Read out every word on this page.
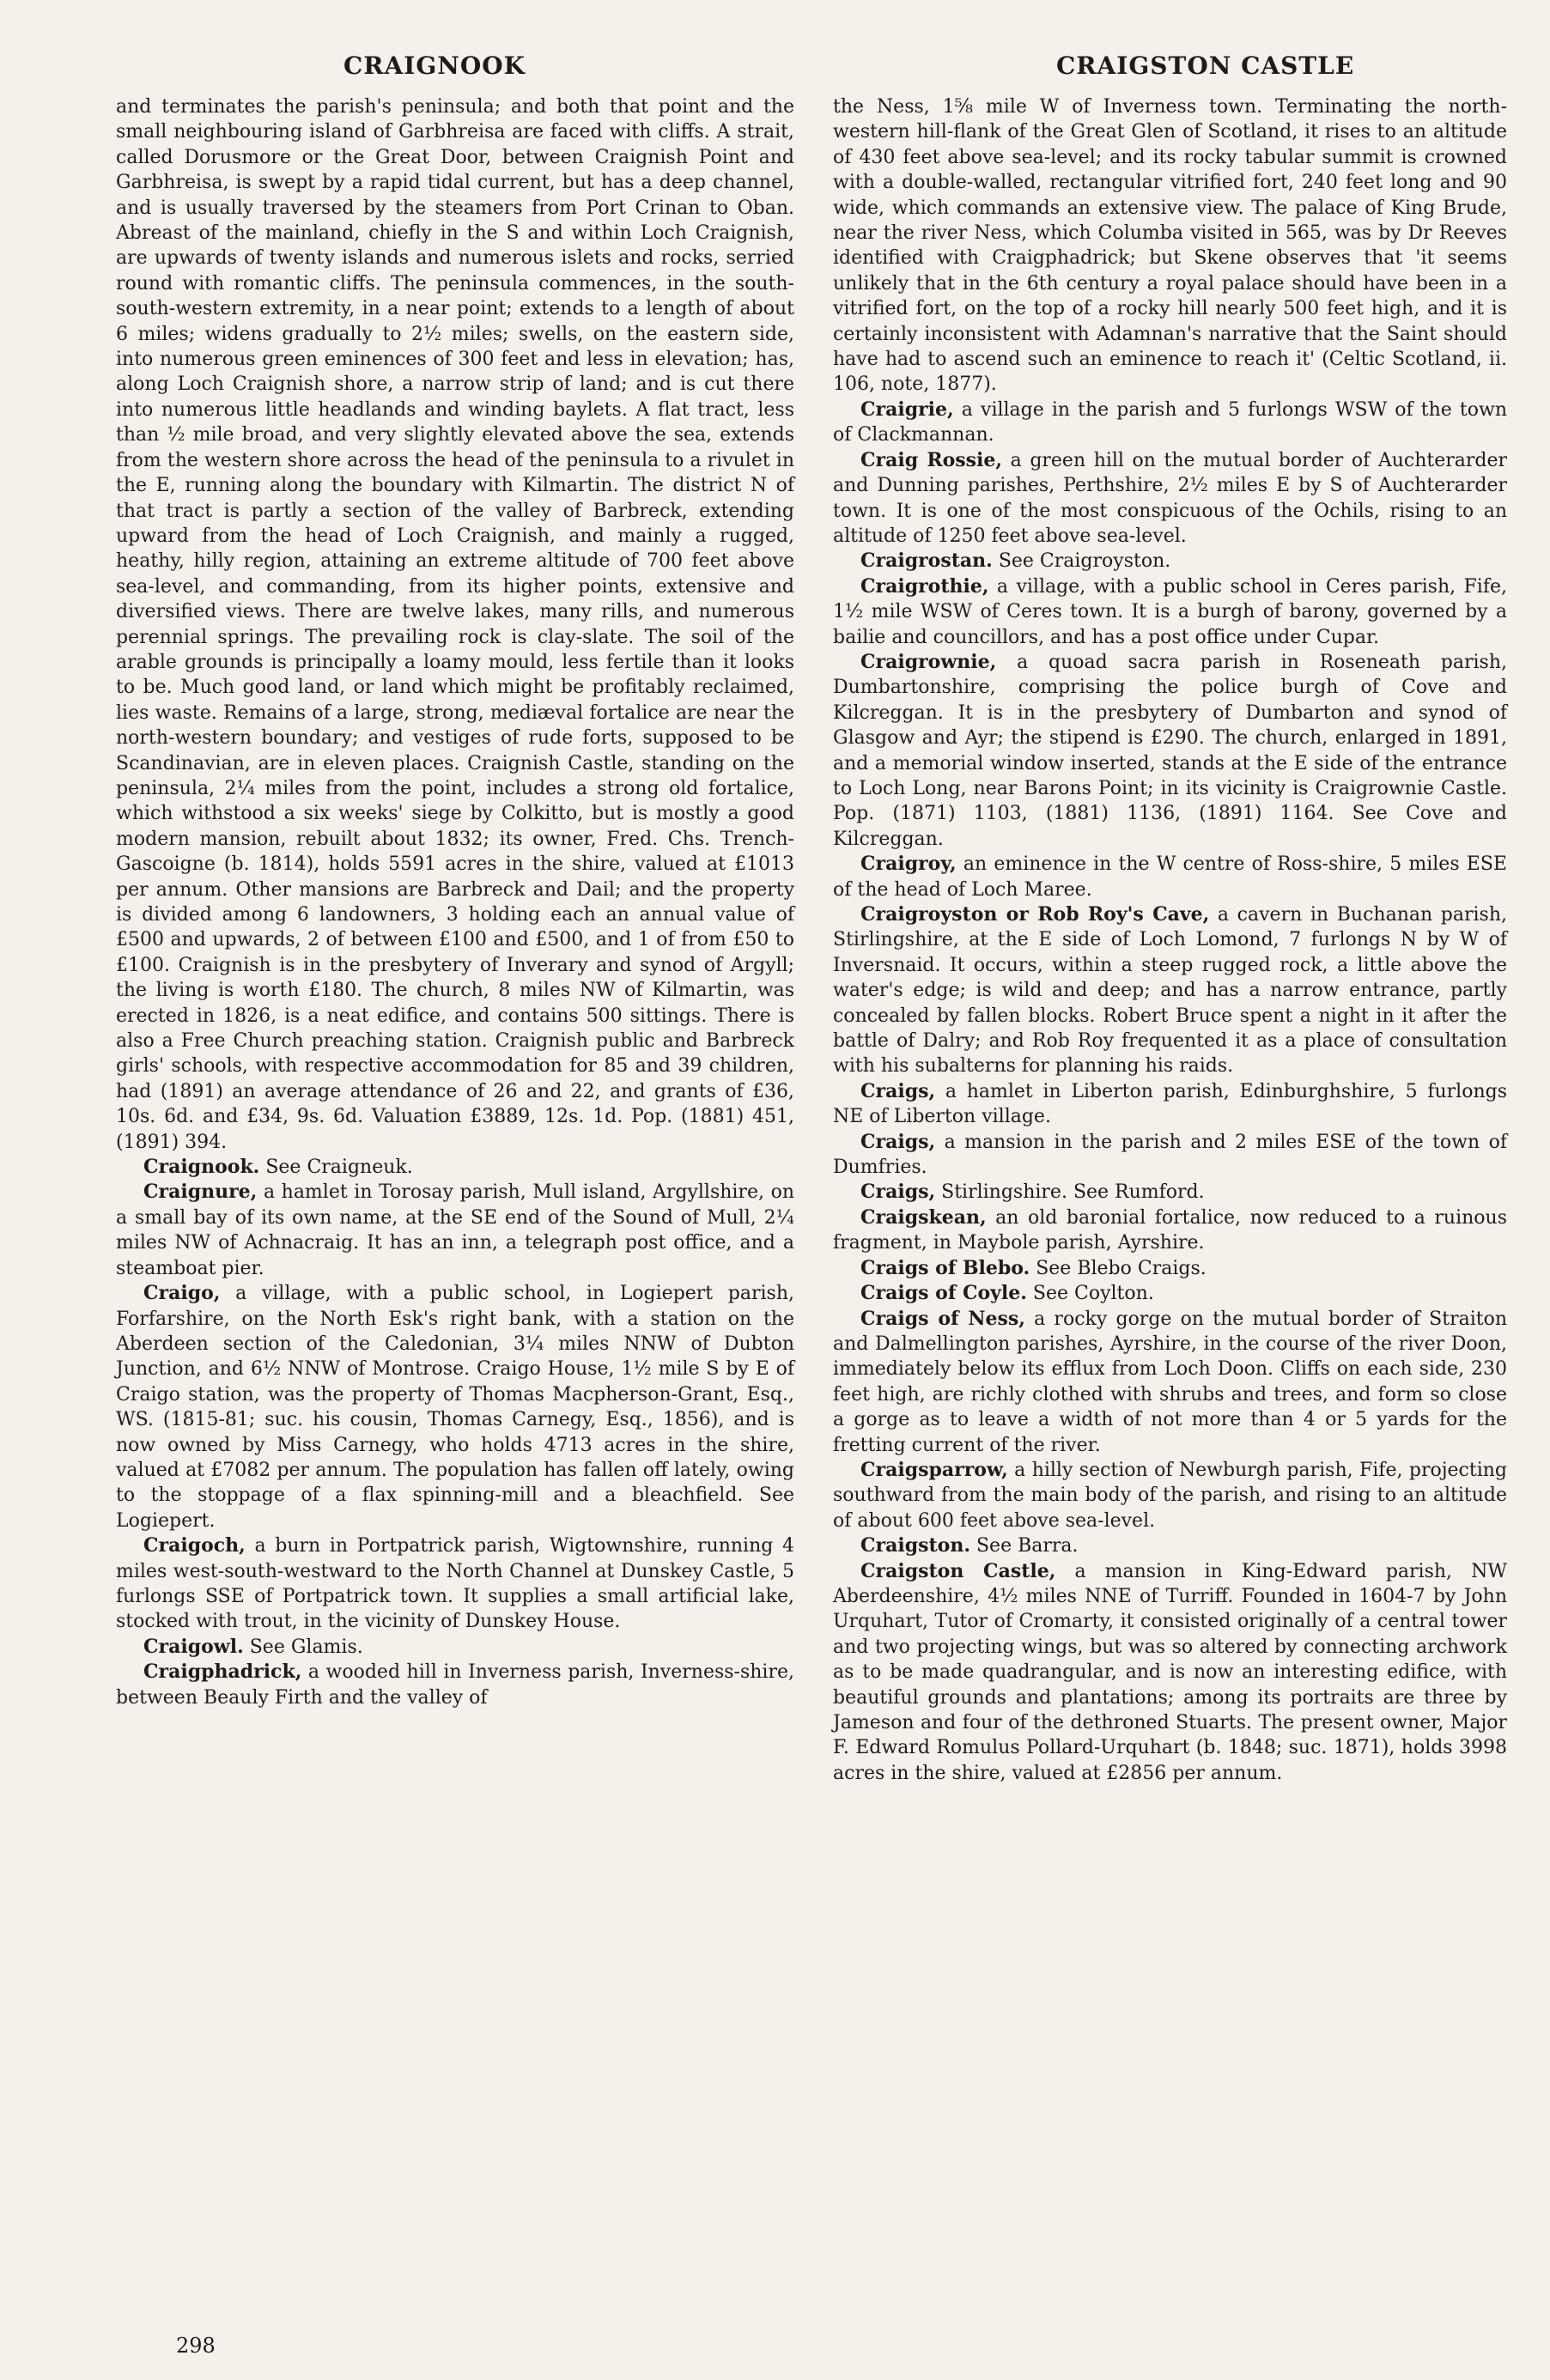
CRAIGNOOK	CRAIGSTON CASTLE

and terminates the parish's peninsula; and both that point and the small neighbouring island of Garbhreisa are faced with cliffs. A strait, called Dorusmore or the Great Door, between Craignish Point and Garbhreisa, is swept by a rapid tidal current, but has a deep channel, and is usually traversed by the steamers from Port Crinan to Oban. Abreast of the mainland, chiefly in the S and within Loch Craignish, are upwards of twenty islands and numerous islets and rocks, serried round with romantic cliffs. The peninsula commences, in the south-south-western extremity, in a near point; extends to a length of about 6 miles; widens gradually to 2½ miles; swells, on the eastern side, into numerous green eminences of 300 feet and less in elevation; has, along Loch Craignish shore, a narrow strip of land; and is cut there into numerous little headlands and winding baylets. A flat tract, less than ½ mile broad, and very slightly elevated above the sea, extends from the western shore across the head of the peninsula to a rivulet in the E, running along the boundary with Kilmartin. The district N of that tract is partly a section of the valley of Barbreck, extending upward from the head of Loch Craignish, and mainly a rugged, heathy, hilly region, attaining an extreme altitude of 700 feet above sea-level, and commanding, from its higher points, extensive and diversified views. There are twelve lakes, many rills, and numerous perennial springs. The prevailing rock is clay-slate. The soil of the arable grounds is principally a loamy mould, less fertile than it looks to be. Much good land, or land which might be profitably reclaimed, lies waste. Remains of a large, strong, mediæval fortalice are near the north-western boundary; and vestiges of rude forts, supposed to be Scandinavian, are in eleven places. Craignish Castle, standing on the peninsula, 2¼ miles from the point, includes a strong old fortalice, which withstood a six weeks' siege by Colkitto, but is mostly a good modern mansion, rebuilt about 1832; its owner, Fred. Chs. Trench-Gascoigne (b. 1814), holds 5591 acres in the shire, valued at £1013 per annum. Other mansions are Barbreck and Dail; and the property is divided among 6 landowners, 3 holding each an annual value of £500 and upwards, 2 of between £100 and £500, and 1 of from £50 to £100. Craignish is in the presbytery of Inverary and synod of Argyll; the living is worth £180. The church, 8 miles NW of Kilmartin, was erected in 1826, is a neat edifice, and contains 500 sittings. There is also a Free Church preaching station. Craignish public and Barbreck girls' schools, with respective accommodation for 85 and 39 children, had (1891) an average attendance of 26 and 22, and grants of £36, 10s. 6d. and £34, 9s. 6d. Valuation £3889, 12s. 1d. Pop. (1881) 451, (1891) 394.

Craignook. See Craigneuk.

Craignure, a hamlet in Torosay parish, Mull island, Argyllshire, on a small bay of its own name, at the SE end of the Sound of Mull, 2¼ miles NW of Achnacraig. It has an inn, a telegraph post office, and a steamboat pier.

Craigo, a village, with a public school, in Logiepert parish, Forfarshire, on the North Esk's right bank, with a station on the Aberdeen section of the Caledonian, 3¼ miles NNW of Dubton Junction, and 6½ NNW of Montrose. Craigo House, 1½ mile S by E of Craigo station, was the property of Thomas Macpherson-Grant, Esq., WS. (1815-81; suc. his cousin, Thomas Carnegy, Esq., 1856), and is now owned by Miss Carnegy, who holds 4713 acres in the shire, valued at £7082 per annum. The population has fallen off lately, owing to the stoppage of a flax spinning-mill and a bleachfield. See Logiepert.

Craigoch, a burn in Portpatrick parish, Wigtownshire, running 4 miles west-south-westward to the North Channel at Dunskey Castle, 5 furlongs SSE of Portpatrick town. It supplies a small artificial lake, stocked with trout, in the vicinity of Dunskey House.

Craigowl. See Glamis.

Craigphadrick, a wooded hill in Inverness parish, Inverness-shire, between Beauly Firth and the valley of

the Ness, 1⅝ mile W of Inverness town. Terminating the north-western hill-flank of the Great Glen of Scotland, it rises to an altitude of 430 feet above sea-level; and its rocky tabular summit is crowned with a double-walled, rectangular vitrified fort, 240 feet long and 90 wide, which commands an extensive view. The palace of King Brude, near the river Ness, which Columba visited in 565, was by Dr Reeves identified with Craigphadrick; but Skene observes that 'it seems unlikely that in the 6th century a royal palace should have been in a vitrified fort, on the top of a rocky hill nearly 500 feet high, and it is certainly inconsistent with Adamnan's narrative that the Saint should have had to ascend such an eminence to reach it' (Celtic Scotland, ii. 106, note, 1877).

Craigrie, a village in the parish and 5 furlongs WSW of the town of Clackmannan.

Craig Rossie, a green hill on the mutual border of Auchterarder and Dunning parishes, Perthshire, 2½ miles E by S of Auchterarder town. It is one of the most conspicuous of the Ochils, rising to an altitude of 1250 feet above sea-level.

Craigrostan. See Craigroyston.

Craigrothie, a village, with a public school in Ceres parish, Fife, 1½ mile WSW of Ceres town. It is a burgh of barony, governed by a bailie and councillors, and has a post office under Cupar.

Craigrownie, a quoad sacra parish in Roseneath parish, Dumbartonshire, comprising the police burgh of Cove and Kilcreggan. It is in the presbytery of Dumbarton and synod of Glasgow and Ayr; the stipend is £290. The church, enlarged in 1891, and a memorial window inserted, stands at the E side of the entrance to Loch Long, near Barons Point; in its vicinity is Craigrownie Castle. Pop. (1871) 1103, (1881) 1136, (1891) 1164. See Cove and Kilcreggan.

Craigroy, an eminence in the W centre of Ross-shire, 5 miles ESE of the head of Loch Maree.

Craigroyston or Rob Roy's Cave, a cavern in Buchanan parish, Stirlingshire, at the E side of Loch Lomond, 7 furlongs N by W of Inversnaid. It occurs, within a steep rugged rock, a little above the water's edge; is wild and deep; and has a narrow entrance, partly concealed by fallen blocks. Robert Bruce spent a night in it after the battle of Dalry; and Rob Roy frequented it as a place of consultation with his subalterns for planning his raids.

Craigs, a hamlet in Liberton parish, Edinburghshire, 5 furlongs NE of Liberton village.

Craigs, a mansion in the parish and 2 miles ESE of the town of Dumfries.

Craigs, Stirlingshire. See Rumford.

Craigskean, an old baronial fortalice, now reduced to a ruinous fragment, in Maybole parish, Ayrshire.

Craigs of Blebo. See Blebo Craigs.

Craigs of Coyle. See Coylton.

Craigs of Ness, a rocky gorge on the mutual border of Straiton and Dalmellington parishes, Ayrshire, in the course of the river Doon, immediately below its efflux from Loch Doon. Cliffs on each side, 230 feet high, are richly clothed with shrubs and trees, and form so close a gorge as to leave a width of not more than 4 or 5 yards for the fretting current of the river.

Craigsparrow, a hilly section of Newburgh parish, Fife, projecting southward from the main body of the parish, and rising to an altitude of about 600 feet above sea-level.

Craigston. See Barra.

Craigston Castle, a mansion in King-Edward parish, NW Aberdeenshire, 4½ miles NNE of Turriff. Founded in 1604-7 by John Urquhart, Tutor of Cromarty, it consisted originally of a central tower and two projecting wings, but was so altered by connecting archwork as to be made quadrangular, and is now an interesting edifice, with beautiful grounds and plantations; among its portraits are three by Jameson and four of the dethroned Stuarts. The present owner, Major F. Edward Romulus Pollard-Urquhart (b. 1848; suc. 1871), holds 3998 acres in the shire, valued at £2856 per annum.

298
